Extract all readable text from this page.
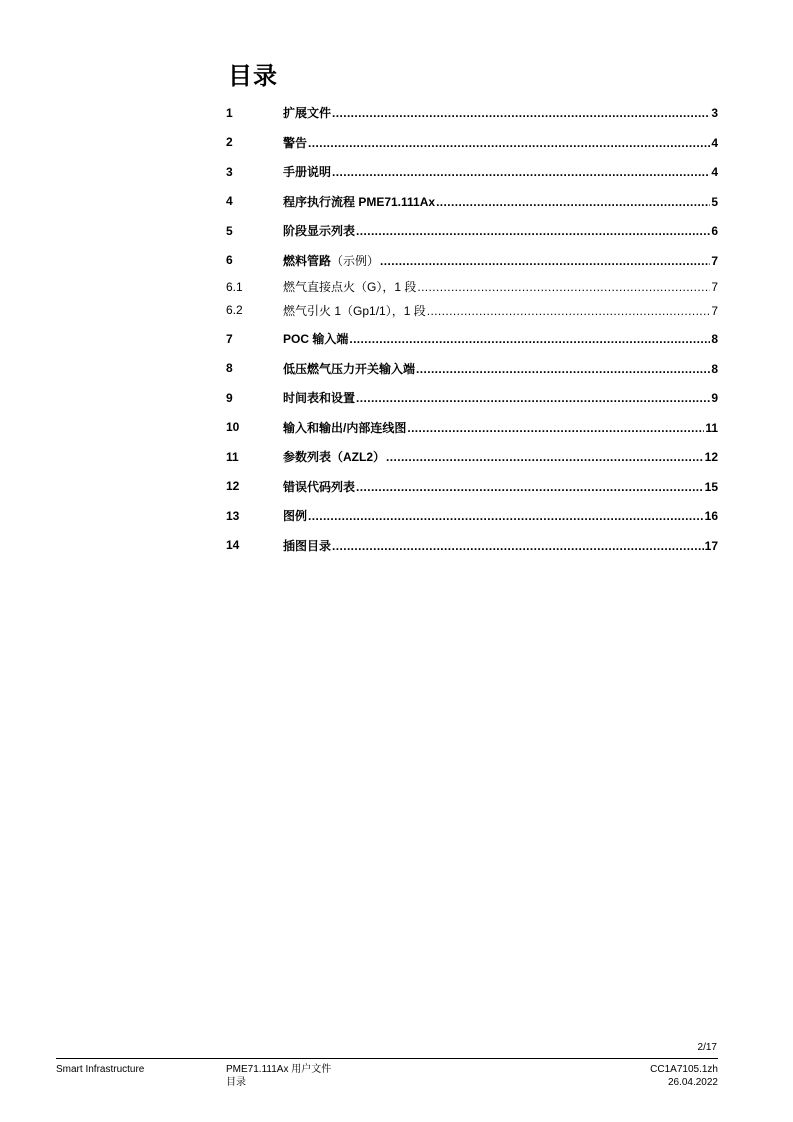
目录
1	扩展文件 .....	3
2	警告 .....	4
3	手册说明 .....	4
4	程序执行流程 PME71.111Ax .....	5
5	阶段显示列表 .....	6
6	燃料管路（示例） .....	7
6.1	燃气直接点火（G），1 段 .....	7
6.2	燃气引火 1（Gp1/1），1 段 .....	7
7	POC 输入端 .....	8
8	低压燃气压力开关输入端 .....	8
9	时间表和设置 .....	9
10	输入和输出/内部连线图 .....	11
11	参数列表（AZL2） .....	12
12	错误代码列表 .....	15
13	图例 .....	16
14	插图目录 .....	17
2/17
Smart Infrastructure	PME71.111Ax 用户文件
目录
CC1A7105.1zh
26.04.2022
